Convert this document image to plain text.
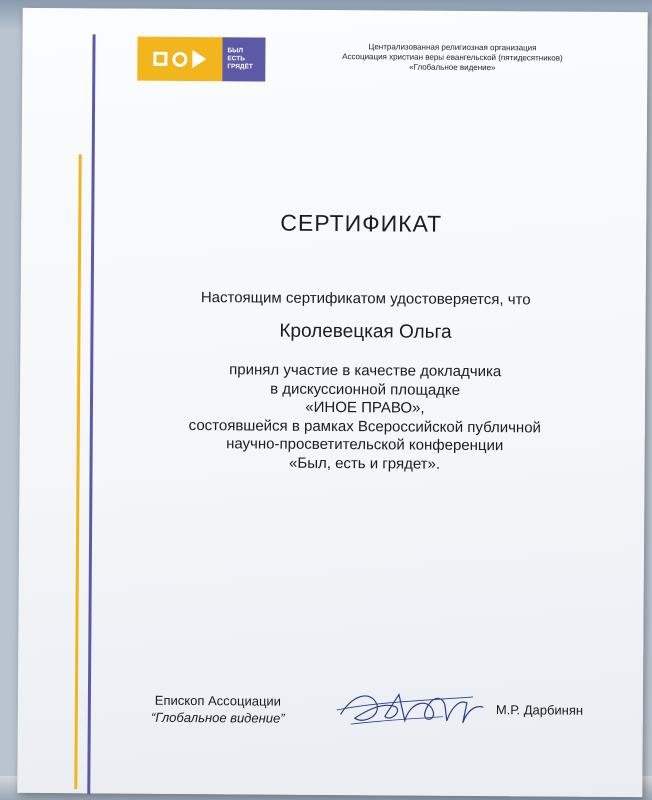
БЫЛ
ЕСТЬ
ГРЯДЁТ
Централизованная религиозная организация
Ассоциация христиан веры евангельской (пятидесятников)
«Глобальное видение»
СЕРТИФИКАТ
Настоящим сертификатом удостоверяется, что
Кролевецкая Ольга
принял участие в качестве докладчика
в дискуссионной площадке
«ИНОЕ ПРАВО»,
состоявшейся в рамках Всероссийской публичной
научно-просветительской конференции
«Был, есть и грядет».
Епископ Ассоциации
“Глобальное видение”	М.Р. Дарбинян
